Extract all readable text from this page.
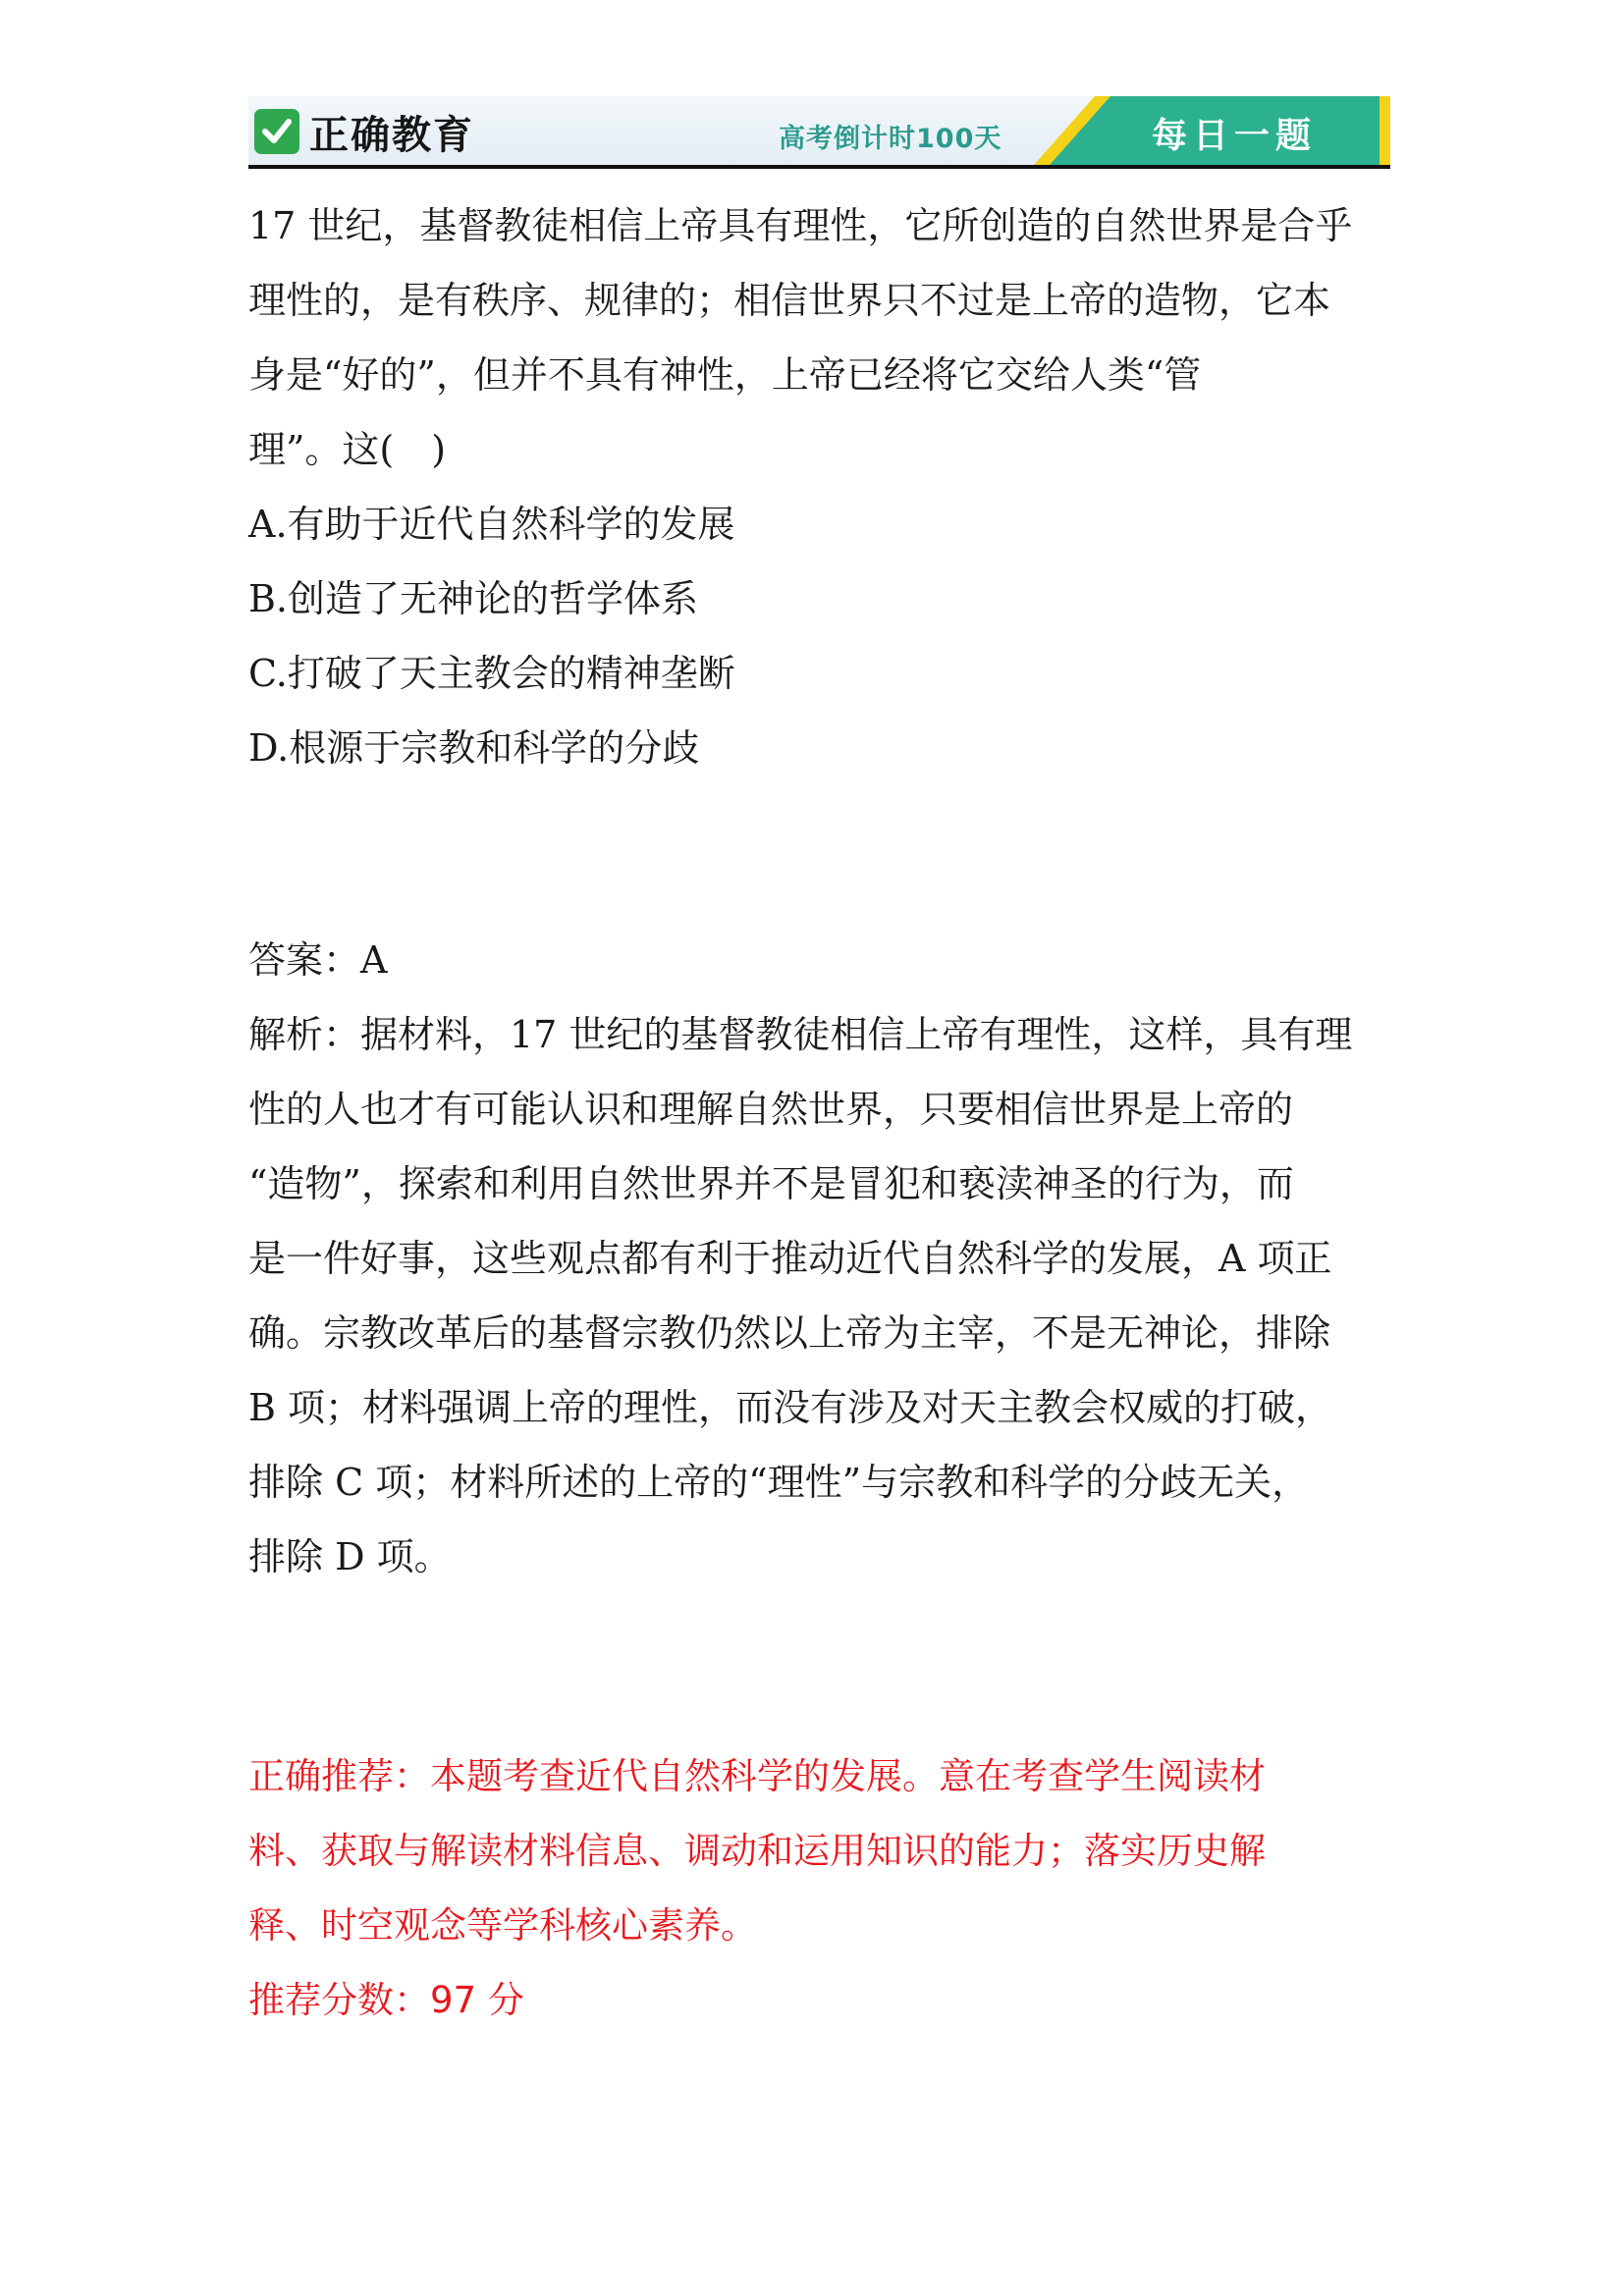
正确教育	高考倒计时100天	每日一题
17 世纪，基督教徒相信上帝具有理性，它所创造的自然世界是合乎
理性的，是有秩序、规律的；相信世界只不过是上帝的造物，它本
身是“好的”，但并不具有神性，上帝已经将它交给人类“管
理”。这(　)
A.有助于近代自然科学的发展
B.创造了无神论的哲学体系
C.打破了天主教会的精神垄断
D.根源于宗教和科学的分歧
答案：A
解析：据材料，17 世纪的基督教徒相信上帝有理性，这样，具有理
性的人也才有可能认识和理解自然世界，只要相信世界是上帝的
“造物”，探索和利用自然世界并不是冒犯和亵渎神圣的行为，而
是一件好事，这些观点都有利于推动近代自然科学的发展，A 项正
确。宗教改革后的基督宗教仍然以上帝为主宰，不是无神论，排除
B 项；材料强调上帝的理性，而没有涉及对天主教会权威的打破，
排除 C 项；材料所述的上帝的“理性”与宗教和科学的分歧无关，
排除 D 项。
正确推荐：本题考查近代自然科学的发展。意在考查学生阅读材
料、获取与解读材料信息、调动和运用知识的能力；落实历史解
释、时空观念等学科核心素养。
推荐分数：97 分
